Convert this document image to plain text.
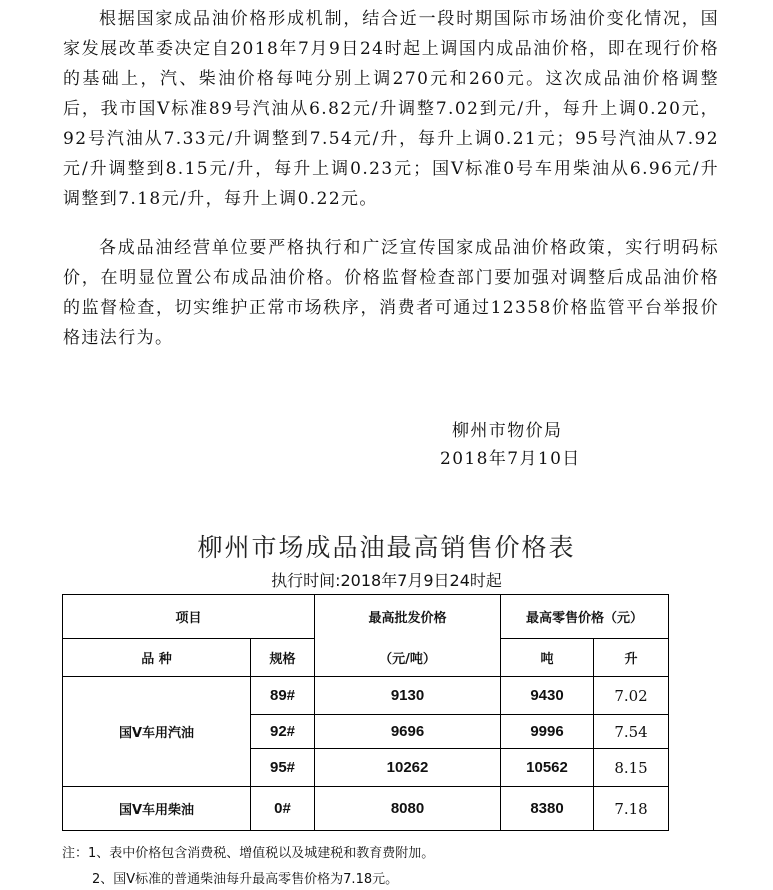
根据国家成品油价格形成机制，结合近一段时期国际市场油价变化情况，国家发展改革委决定自2018年7月9日24时起上调国内成品油价格，即在现行价格的基础上，汽、柴油价格每吨分别上调270元和260元。这次成品油价格调整后，我市国Ⅴ标准89号汽油从6.82元/升调整7.02到元/升，每升上调0.20元，92号汽油从7.33元/升调整到7.54元/升，每升上调0.21元；95号汽油从7.92元/升调整到8.15元/升，每升上调0.23元；国Ⅴ标准0号车用柴油从6.96元/升调整到7.18元/升，每升上调0.22元。

各成品油经营单位要严格执行和广泛宣传国家成品油价格政策，实行明码标价，在明显位置公布成品油价格。价格监督检查部门要加强对调整后成品油价格的监督检查，切实维护正常市场秩序，消费者可通过12358价格监管平台举报价格违法行为。

柳州市物价局
2018年7月10日
柳州市场成品油最高销售价格表
执行时间:2018年7月9日24时起
项目		最高批发价格	最高零售价格（元）	
品 种	规格	（元/吨）	吨	升
国Ⅴ车用汽油	89#	9130	9430	7.02
	92#	9696	9996	7.54
	95#	10262	10562	8.15
国Ⅴ车用柴油	0#	8080	8380	7.18
注：1、表中价格包含消费税、增值税以及城建税和教育费附加。
2、国Ⅴ标准的普通柴油每升最高零售价格为7.18元。
